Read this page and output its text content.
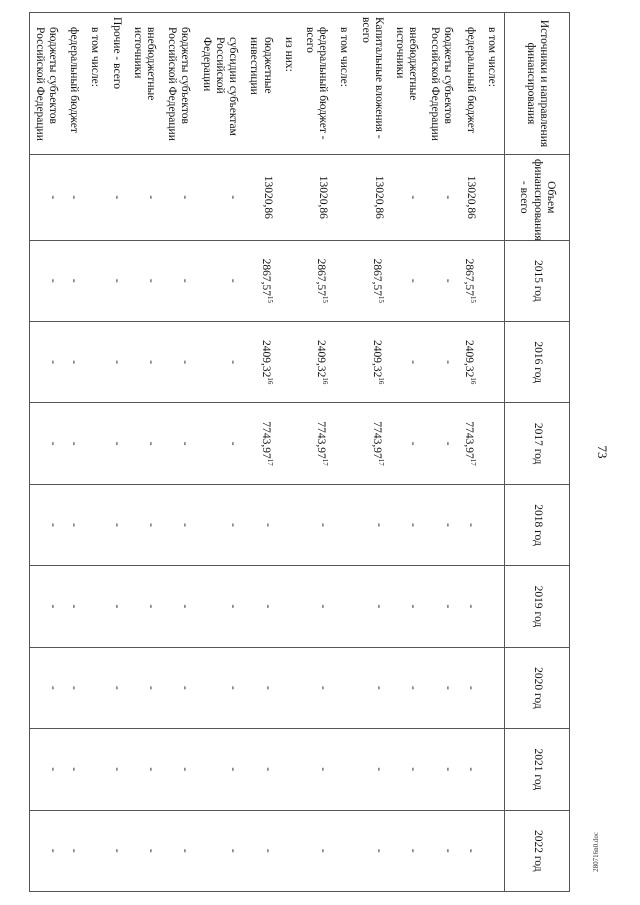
73
280716n0.doc
Источники и направления финансирования	Объем финансирования - всего	2015 год	2016 год	2017 год	2018 год	2019 год	2020 год	2021 год	2022 год
в том числе:									
федеральный бюджет	13020,86	2867,57$^{15}$	2409,32$^{16}$	7743,97$^{17}$	-	-	-	-	-
бюджеты субъектов Российской Федерации	-	-	-	-	-	-	-	-	-
внебюджетные источники	-	-	-	-	-	-	-	-	-
Капитальные вложения - всего	13020,86	2867,57$^{15}$	2409,32$^{16}$	7743,97$^{17}$	-	-	-	-	-
в том числе:									
федеральный бюджет - всего	13020,86	2867,57$^{15}$	2409,32$^{16}$	7743,97$^{17}$	-	-	-	-	-
из них:									
бюджетные инвестиции	13020,86	2867,57$^{15}$	2409,32$^{16}$	7743,97$^{17}$	-	-	-	-	-
субсидии субъектам Российской Федерации	-	-	-	-	-	-	-	-	-
бюджеты субъектов Российской Федерации	-	-	-	-	-	-	-	-	-
внебюджетные источники	-	-	-	-	-	-	-	-	-
Прочие - всего	-	-	-	-	-	-	-	-	-
в том числе:									
федеральный бюджет	-	-	-	-	-	-	-	-	-
бюджеты субъектов Российской Федерации	-	-	-	-	-	-	-	-	-
